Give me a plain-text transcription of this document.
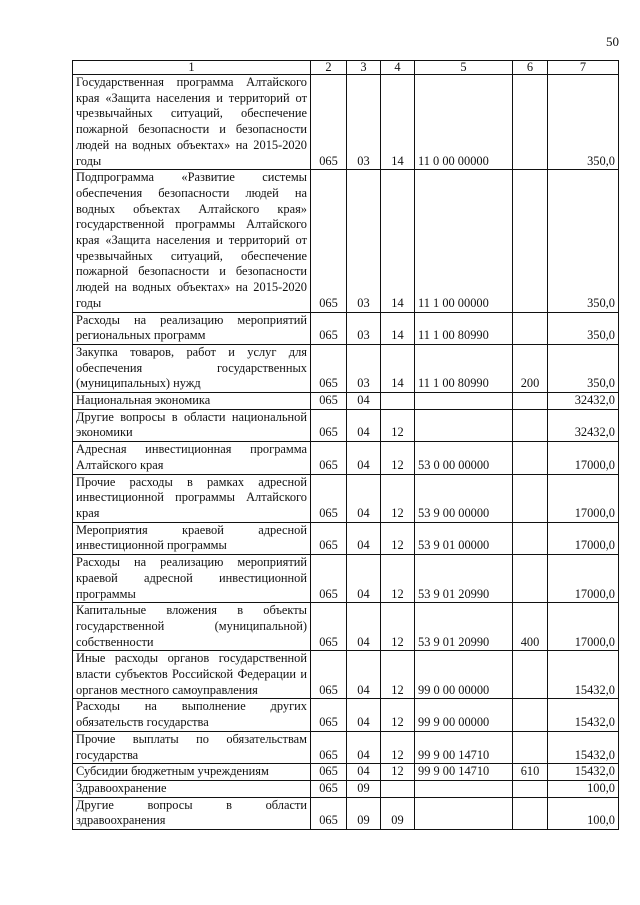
50
1	2	3	4	5	6	7
Государственная программа Алтайского края «Защита населения и территорий от чрезвычайных ситуаций, обеспечение пожарной безопасности и безопасности людей на водных объектах» на 2015-2020 годы	065	03	14	11 0 00 00000		350,0
Подпрограмма «Развитие системы обеспечения безопасности людей на водных объектах Алтайского края» государственной программы Алтайского края «Защита населения и территорий от чрезвычайных ситуаций, обеспечение пожарной безопасности и безопасности людей на водных объектах» на 2015-2020 годы	065	03	14	11 1 00 00000		350,0
Расходы на реализацию мероприятий региональных программ	065	03	14	11 1 00 80990		350,0
Закупка товаров, работ и услуг для обеспечения государственных (муниципальных) нужд	065	03	14	11 1 00 80990	200	350,0
Национальная экономика	065	04				32432,0
Другие вопросы в области национальной экономики	065	04	12			32432,0
Адресная инвестиционная программа Алтайского края	065	04	12	53 0 00 00000		17000,0
Прочие расходы в рамках адресной инвестиционной программы Алтайского края	065	04	12	53 9 00 00000		17000,0
Мероприятия краевой адресной инвестиционной программы	065	04	12	53 9 01 00000		17000,0
Расходы на реализацию мероприятий краевой адресной инвестиционной программы	065	04	12	53 9 01 20990		17000,0
Капитальные вложения в объекты государственной (муниципальной) собственности	065	04	12	53 9 01 20990	400	17000,0
Иные расходы органов государственной власти субъектов Российской Федерации и органов местного самоуправления	065	04	12	99 0 00 00000		15432,0
Расходы на выполнение других обязательств государства	065	04	12	99 9 00 00000		15432,0
Прочие выплаты по обязательствам государства	065	04	12	99 9 00 14710		15432,0
Субсидии бюджетным учреждениям	065	04	12	99 9 00 14710	610	15432,0
Здравоохранение	065	09				100,0
Другие вопросы в области здравоохранения	065	09	09			100,0
